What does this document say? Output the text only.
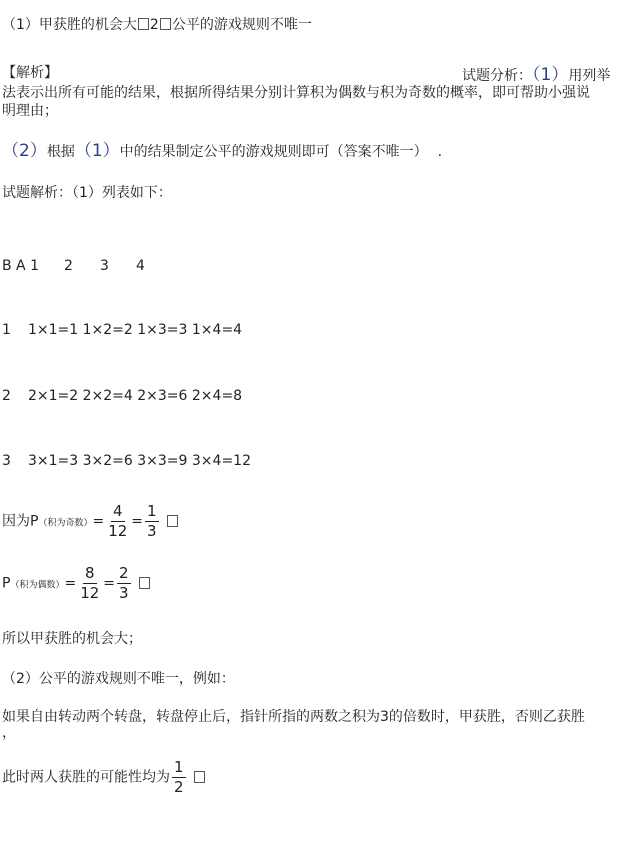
（1）甲获胜的机会大 2 公平的游戏规则不唯一
【解析】	试题分析：（1）用列举
法表示出所有可能的结果，根据所得结果分别计算积为偶数与积为奇数的概率，即可帮助小强说
明理由；
（2）根据（1）中的结果制定公平的游戏规则即可（答案不唯一） .
试题解析：（1）列表如下：
B A 1 2 3 4
1 1×1=1 1×2=2 1×3=3 1×4=4
2 2×1=2 2×2=4 2×3=6 2×4=8
3 3×1=3 3×2=6 3×3=9 3×4=12
因为P（积为奇数）= $\frac{4}{12} = \frac{1}{3}$
P（积为偶数）= $\frac{8}{12} = \frac{2}{3}$
所以甲获胜的机会大；
（2）公平的游戏规则不唯一，例如：
如果自由转动两个转盘，转盘停止后，指针所指的两数之积为3的倍数时，甲获胜，否则乙获胜
，
此时两人获胜的可能性均为 $\frac{1}{2}$
